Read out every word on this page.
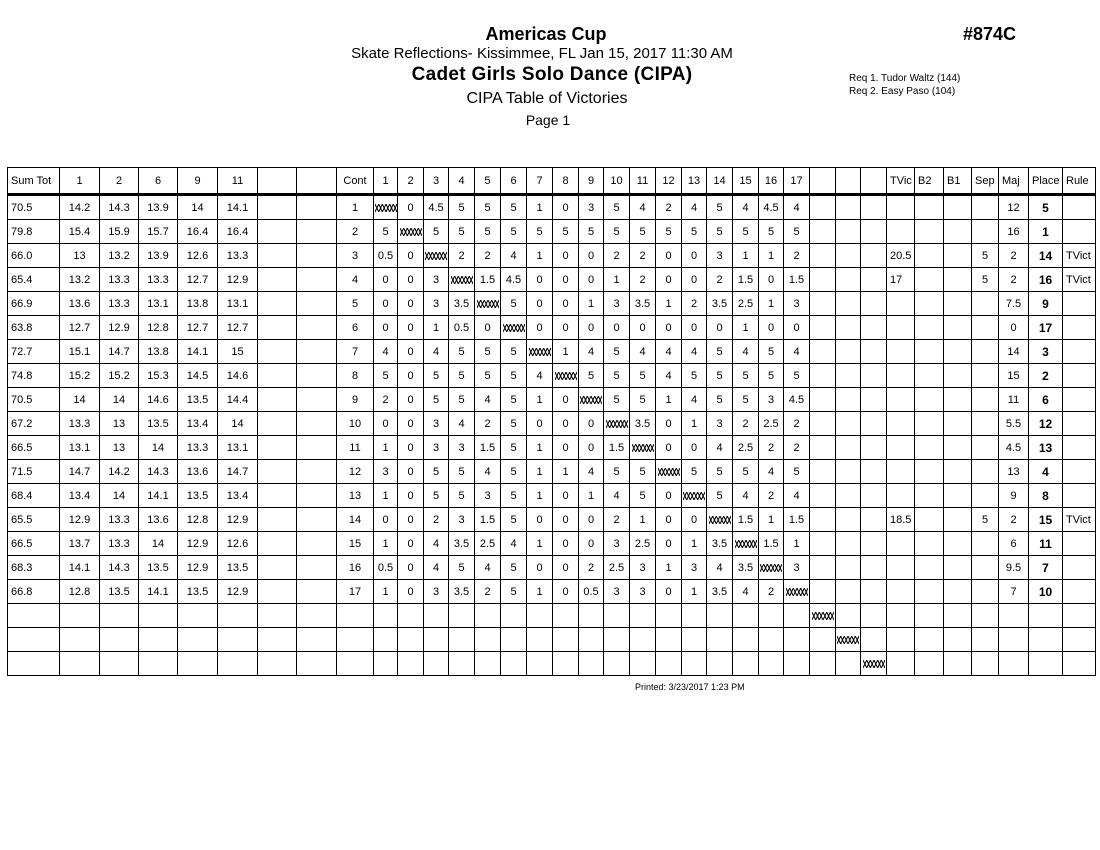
Americas Cup
Skate Reflections- Kissimmee, FL Jan 15, 2017 11:30 AM
Cadet Girls Solo Dance (CIPA)
CIPA Table of Victories
Page 1
#874C
Req 1. Tudor Waltz (144)
Req 2. Easy Paso (104)
Sum Tot	1	2	6	9	11			Cont	1	2	3	4	5	6	7	8	9	10	11	12	13	14	15	16	17				TVic	B2	B1	Sep	Maj	Place	Rule
70.5	14.2	14.3	13.9	14	14.1			1		0	4.5	5	5	5	1	0	3	5	4	2	4	5	4	4.5	4								12	5	
79.8	15.4	15.9	15.7	16.4	16.4			2	5		5	5	5	5	5	5	5	5	5	5	5	5	5	5	5								16	1	
66.0	13	13.2	13.9	12.6	13.3			3	0.5	0		2	2	4	1	0	0	2	2	0	0	3	1	1	2				20.5			5	2	14	TVict
65.4	13.2	13.3	13.3	12.7	12.9			4	0	0	3		1.5	4.5	0	0	0	1	2	0	0	2	1.5	0	1.5				17			5	2	16	TVict
66.9	13.6	13.3	13.1	13.8	13.1			5	0	0	3	3.5		5	0	0	1	3	3.5	1	2	3.5	2.5	1	3								7.5	9	
63.8	12.7	12.9	12.8	12.7	12.7			6	0	0	1	0.5	0		0	0	0	0	0	0	0	0	1	0	0								0	17	
72.7	15.1	14.7	13.8	14.1	15			7	4	0	4	5	5	5		1	4	5	4	4	4	5	4	5	4								14	3	
74.8	15.2	15.2	15.3	14.5	14.6			8	5	0	5	5	5	5	4		5	5	5	4	5	5	5	5	5								15	2	
70.5	14	14	14.6	13.5	14.4			9	2	0	5	5	4	5	1	0		5	5	1	4	5	5	3	4.5								11	6	
67.2	13.3	13	13.5	13.4	14			10	0	0	3	4	2	5	0	0	0		3.5	0	1	3	2	2.5	2								5.5	12	
66.5	13.1	13	14	13.3	13.1			11	1	0	3	3	1.5	5	1	0	0	1.5		0	0	4	2.5	2	2								4.5	13	
71.5	14.7	14.2	14.3	13.6	14.7			12	3	0	5	5	4	5	1	1	4	5	5		5	5	5	4	5								13	4	
68.4	13.4	14	14.1	13.5	13.4			13	1	0	5	5	3	5	1	0	1	4	5	0		5	4	2	4								9	8	
65.5	12.9	13.3	13.6	12.8	12.9			14	0	0	2	3	1.5	5	0	0	0	2	1	0	0		1.5	1	1.5				18.5			5	2	15	TVict
66.5	13.7	13.3	14	12.9	12.6			15	1	0	4	3.5	2.5	4	1	0	0	3	2.5	0	1	3.5		1.5	1								6	11	
68.3	14.1	14.3	13.5	12.9	13.5			16	0.5	0	4	5	4	5	0	0	2	2.5	3	1	3	4	3.5		3								9.5	7	
66.8	12.8	13.5	14.1	13.5	12.9			17	1	0	3	3.5	2	5	1	0	0.5	3	3	0	1	3.5	4	2									7	10	

Printed: 3/23/2017 1:23 PM
